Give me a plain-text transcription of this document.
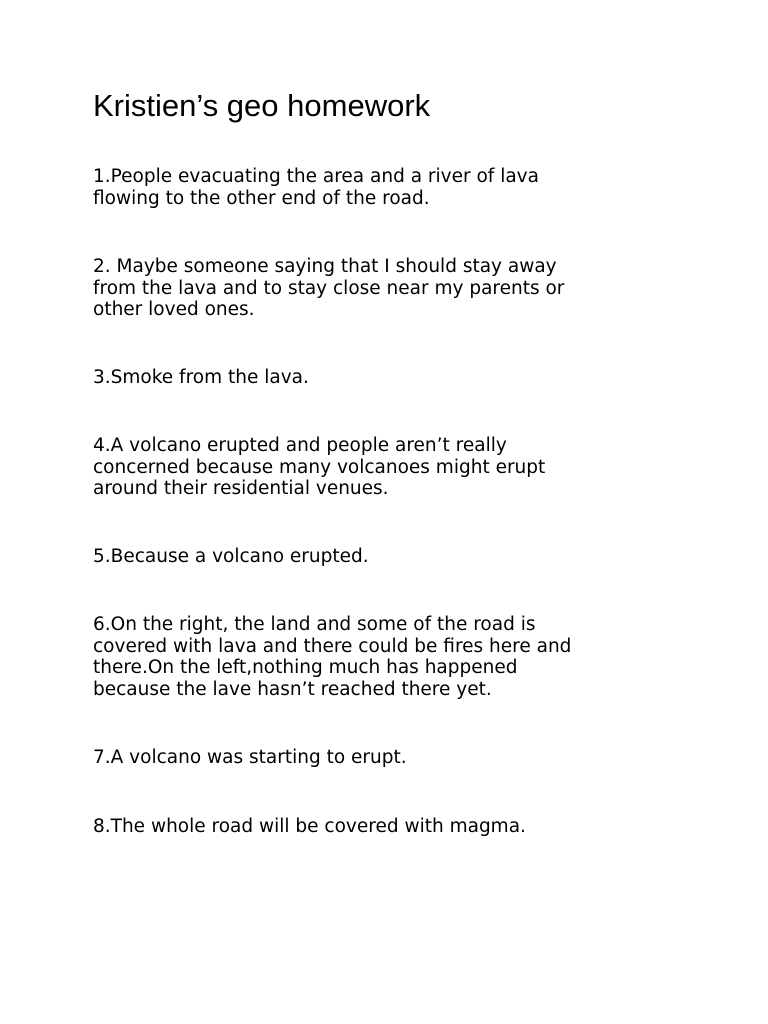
Kristien’s geo homework

1.People evacuating the area and a river of lava
flowing to the other end of the road.

2. Maybe someone saying that I should stay away
from the lava and to stay close near my parents or
other loved ones.

3.Smoke from the lava.

4.A volcano erupted and people aren’t really
concerned because many volcanoes might erupt
around their residential venues.

5.Because a volcano erupted.

6.On the right, the land and some of the road is
covered with lava and there could be fires here and
there.On the left,nothing much has happened
because the lave hasn’t reached there yet.

7.A volcano was starting to erupt.

8.The whole road will be covered with magma.
